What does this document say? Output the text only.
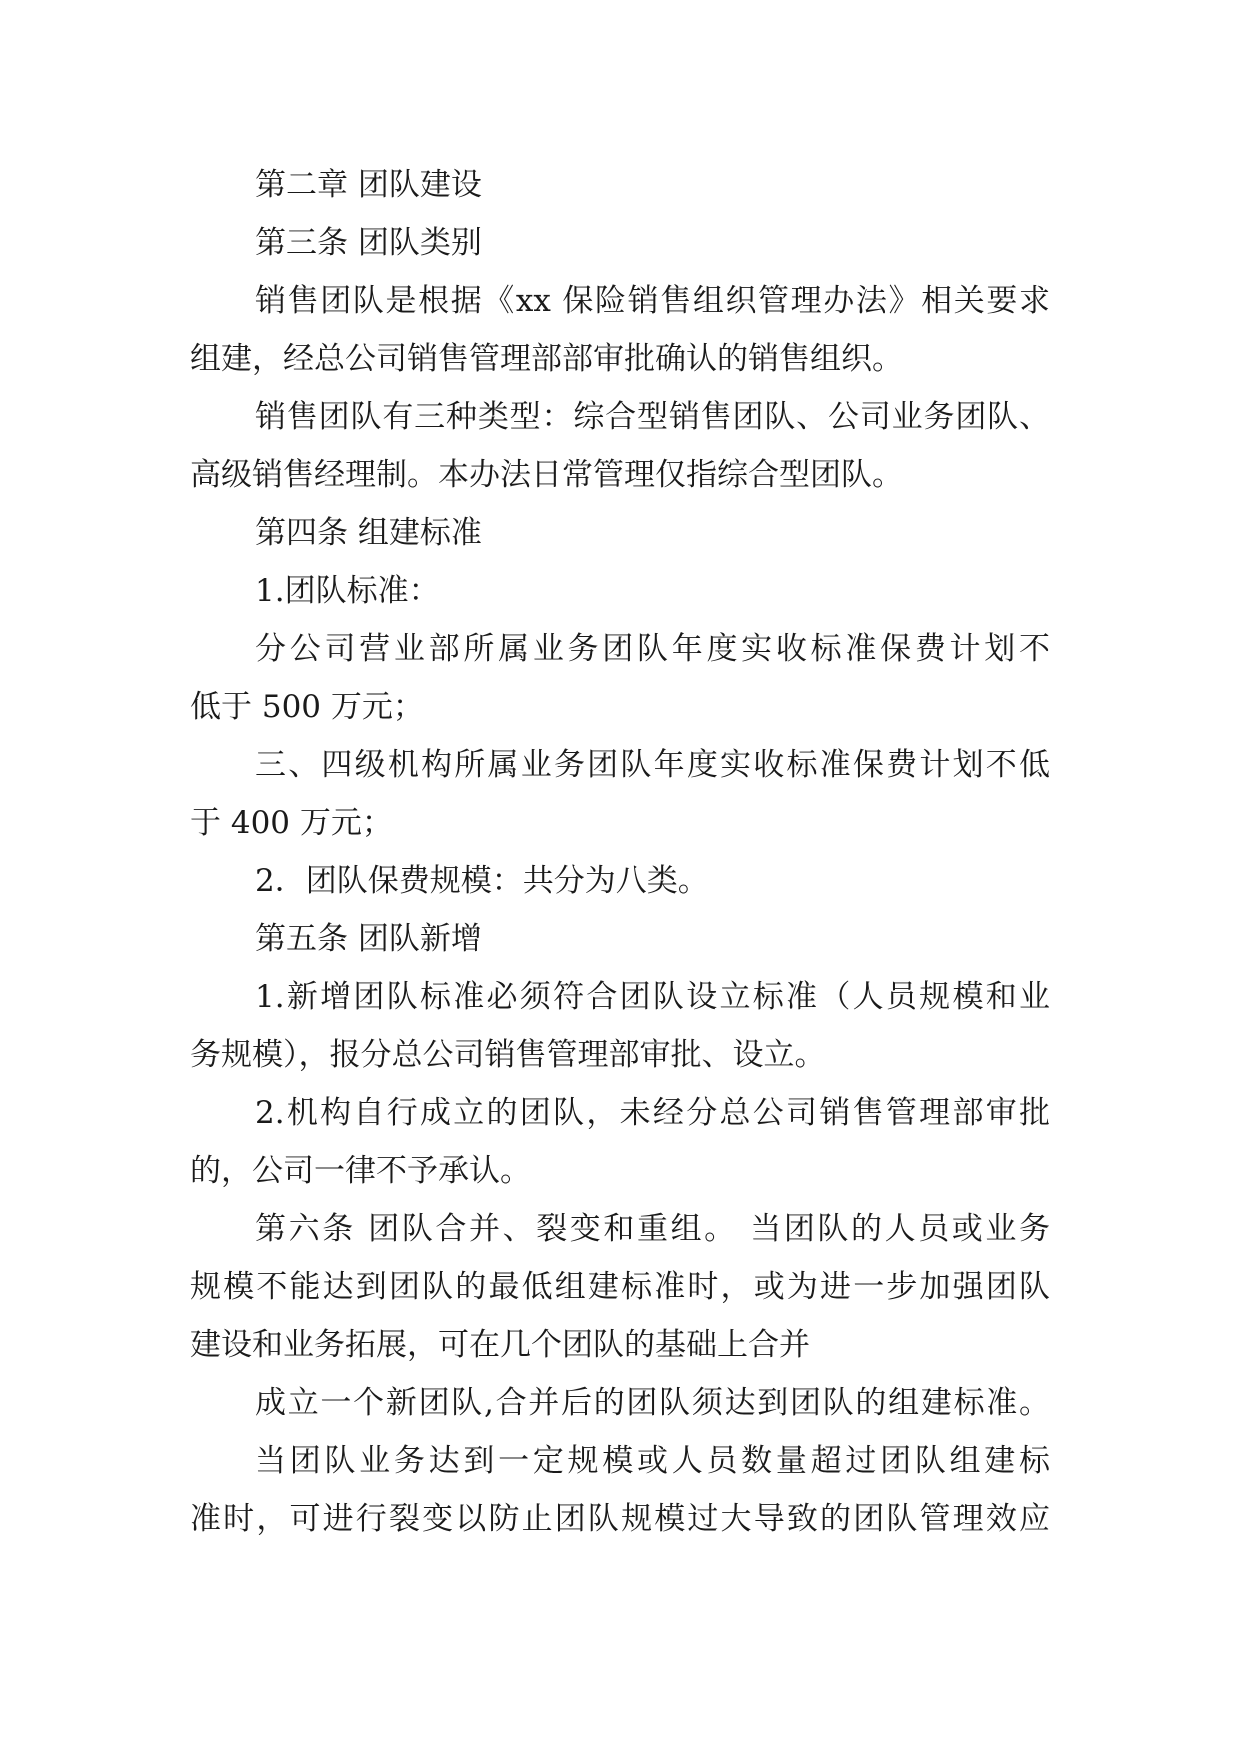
第二章 团队建设
第三条 团队类别
销售团队是根据《xx 保险销售组织管理办法》相关要求
组建，经总公司销售管理部部审批确认的销售组织。
销售团队有三种类型：综合型销售团队、公司业务团队、
高级销售经理制。本办法日常管理仅指综合型团队。
第四条 组建标准
1.团队标准：
分公司营业部所属业务团队年度实收标准保费计划不
低于 500 万元；
三、四级机构所属业务团队年度实收标准保费计划不低
于 400 万元；
2．团队保费规模：共分为八类。
第五条 团队新增
1.新增团队标准必须符合团队设立标准（人员规模和业
务规模），报分总公司销售管理部审批、设立。
2.机构自行成立的团队，未经分总公司销售管理部审批
的，公司一律不予承认。
第六条 团队合并、裂变和重组。 当团队的人员或业务
规模不能达到团队的最低组建标准时，或为进一步加强团队
建设和业务拓展，可在几个团队的基础上合并
成立一个新团队,合并后的团队须达到团队的组建标准。
当团队业务达到一定规模或人员数量超过团队组建标
准时，可进行裂变以防止团队规模过大导致的团队管理效应
